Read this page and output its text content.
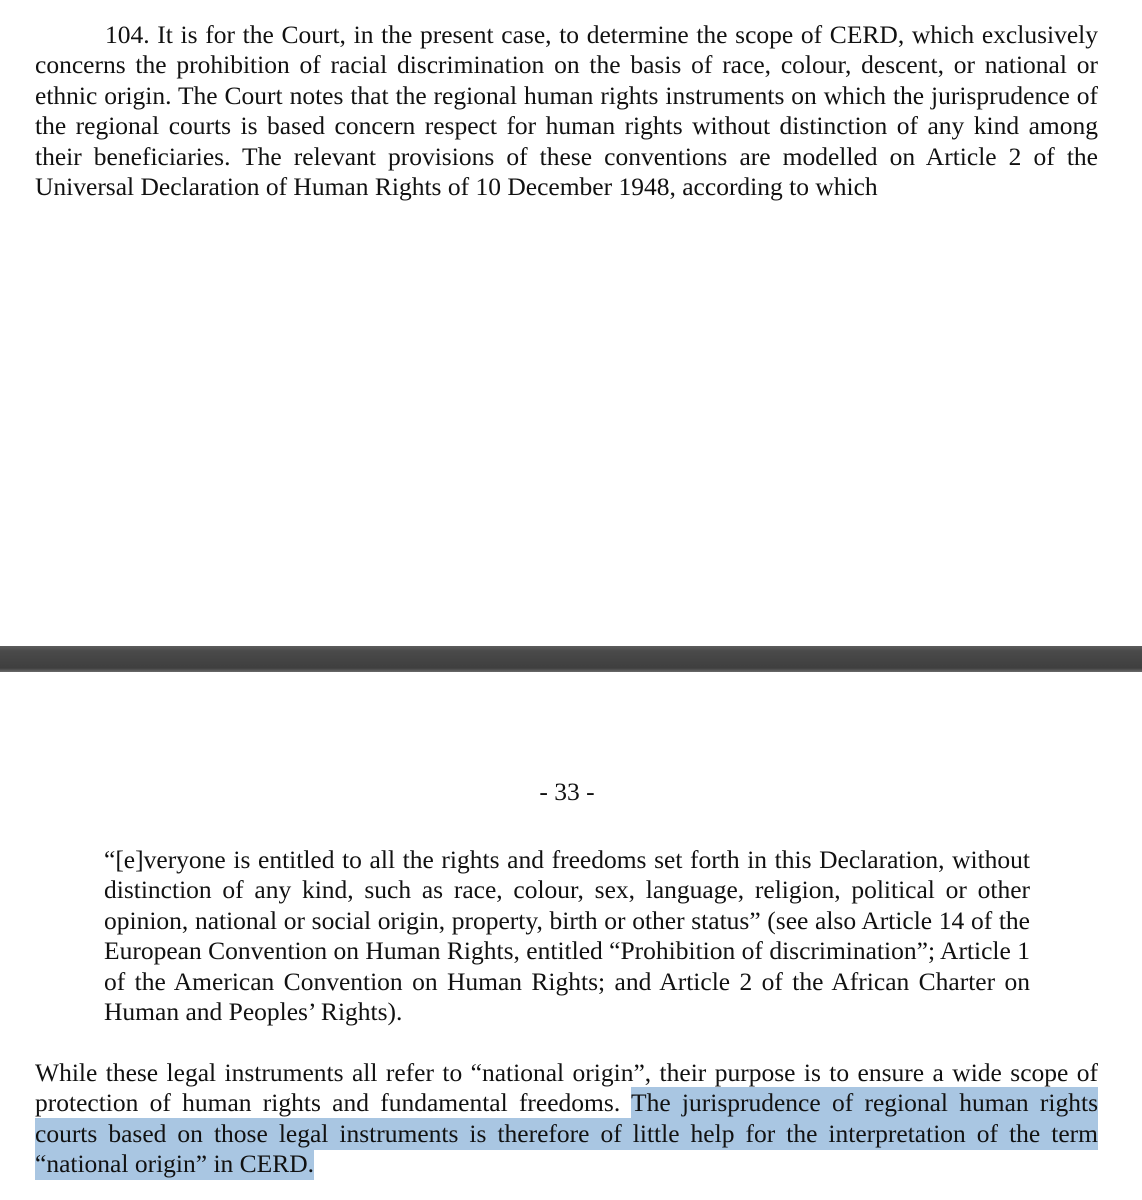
104. It is for the Court, in the present case, to determine the scope of CERD, which exclusively concerns the prohibition of racial discrimination on the basis of race, colour, descent, or national or ethnic origin. The Court notes that the regional human rights instruments on which the jurisprudence of the regional courts is based concern respect for human rights without distinction of any kind among their beneficiaries. The relevant provisions of these conventions are modelled on Article 2 of the Universal Declaration of Human Rights of 10 December 1948, according to which

- 33 -

“[e]veryone is entitled to all the rights and freedoms set forth in this Declaration, without distinction of any kind, such as race, colour, sex, language, religion, political or other opinion, national or social origin, property, birth or other status” (see also Article 14 of the European Convention on Human Rights, entitled “Prohibition of discrimination”; Article 1 of the American Convention on Human Rights; and Article 2 of the African Charter on Human and Peoples’ Rights).

While these legal instruments all refer to “national origin”, their purpose is to ensure a wide scope of protection of human rights and fundamental freedoms. The jurisprudence of regional human rights courts based on those legal instruments is therefore of little help for the interpretation of the term “national origin” in CERD.
